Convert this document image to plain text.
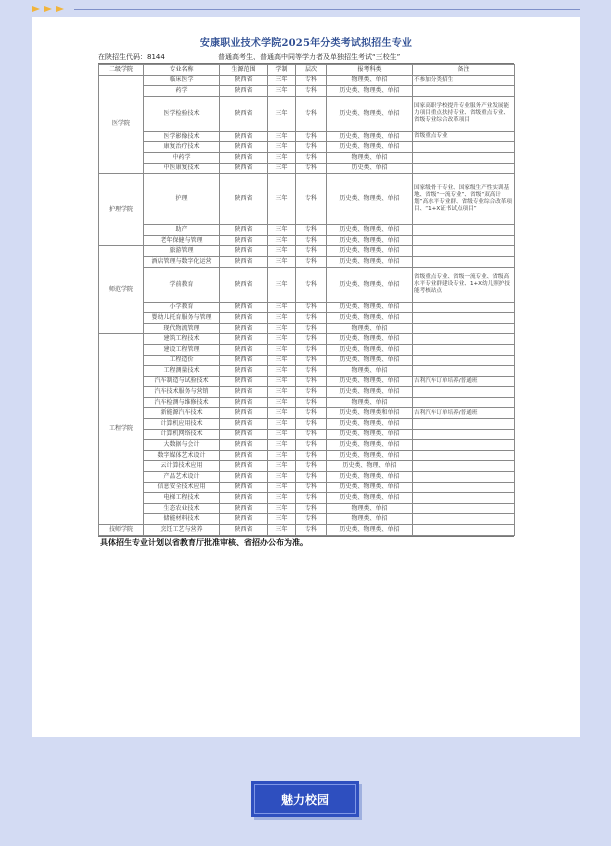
安康职业技术学院2025年分类考试拟招生专业
在陕招生代码：8144	普通高考生、普通高中同等学力者及单独招生考试“三校生”
二级学院	专业名称	生源范围	学制	层次	报考科类	备注
医学院	临床医学	陕西省	三年	专科	物理类、单招	不参加分类招生
	药学	陕西省	三年	专科	历史类、物理类、单招	
	医学检验技术	陕西省	三年	专科	历史类、物理类、单招	国家高职学校提升专业服务产业发展能力项目重点扶持专业、省级重点专业、省级专业综合改革项目
	医学影像技术	陕西省	三年	专科	历史类、物理类、单招	省级重点专业
	康复治疗技术	陕西省	三年	专科	历史类、物理类、单招	
	中药学	陕西省	三年	专科	物理类、单招	
	中医康复技术	陕西省	三年	专科	历史类、单招	
护理学院	护理	陕西省	三年	专科	历史类、物理类、单招	国家级骨干专业、国家级生产性实训基地、省级“一流专业”、省级“双高计划”高水平专业群、省级专业综合改革项目、“1+X证书试点项目”
	助产	陕西省	三年	专科	历史类、物理类、单招	
	老年保健与管理	陕西省	三年	专科	历史类、物理类、单招	
师范学院	旅游管理	陕西省	三年	专科	历史类、物理类、单招	
	酒店管理与数字化运营	陕西省	三年	专科	历史类、物理类、单招	
	学前教育	陕西省	三年	专科	历史类、物理类、单招	省级重点专业、省级一流专业、省级高水平专业群建设专业、1+X幼儿照护技能考核站点
	小学教育	陕西省	三年	专科	历史类、物理类、单招	
	婴幼儿托育服务与管理	陕西省	三年	专科	历史类、物理类、单招	
	现代物流管理	陕西省	三年	专科	物理类、单招	
工程学院	建筑工程技术	陕西省	三年	专科	历史类、物理类、单招	
	建设工程管理	陕西省	三年	专科	历史类、物理类、单招	
	工程造价	陕西省	三年	专科	历史类、物理类、单招	
	工程测量技术	陕西省	三年	专科	物理类、单招	
	汽车制造与试验技术	陕西省	三年	专科	历史类、物理类、单招	吉利汽车订单培养/普通班
	汽车技术服务与营销	陕西省	三年	专科	历史类、物理类、单招	
	汽车检测与维修技术	陕西省	三年	专科	物理类、单招	
	新能源汽车技术	陕西省	三年	专科	历史类、物理类和单招	吉利汽车订单培养/普通班
	计算机应用技术	陕西省	三年	专科	历史类、物理类、单招	
	计算机网络技术	陕西省	三年	专科	历史类、物理类、单招	
	大数据与会计	陕西省	三年	专科	历史类、物理类、单招	
	数字媒体艺术设计	陕西省	三年	专科	历史类、物理类、单招	
	云计算技术应用	陕西省	三年	专科	历史类、物理、单招	
	产品艺术设计	陕西省	三年	专科	历史类、物理类、单招	
	信息安全技术应用	陕西省	三年	专科	历史类、物理类、单招	
	电梯工程技术	陕西省	三年	专科	历史类、物理类、单招	
	生态农业技术	陕西省	三年	专科	物理类、单招	
	储能材料技术	陕西省	三年	专科	物理类、单招	
技师学院	烹饪工艺与营养	陕西省	三年	专科	历史类、物理类、单招	
具体招生专业计划以省教育厅批准审核、省招办公布为准。
魅力校园
